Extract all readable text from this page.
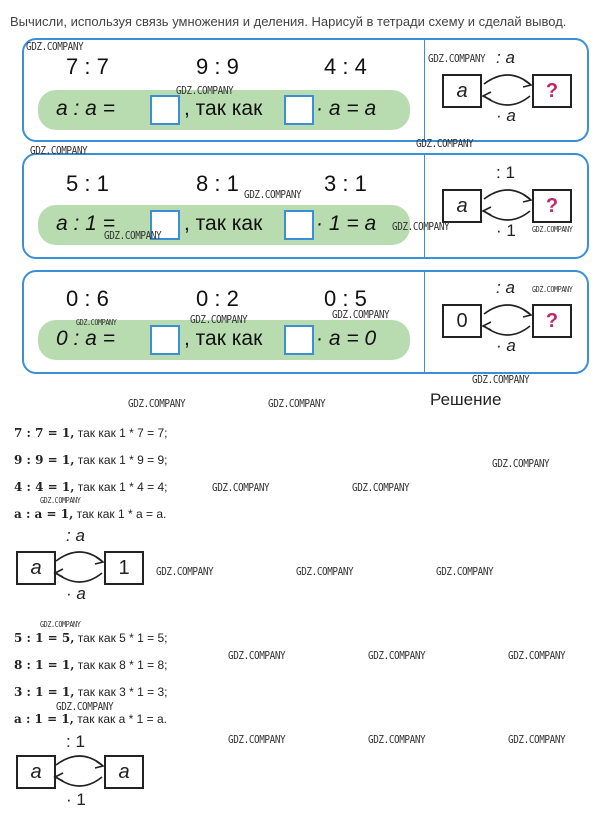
Вычисли, используя связь умножения и деления. Нарисуй в тетради схему и сделай вывод.
7 : 7	9 : 9	4 : 4
a : a =	, так как	· a = a
a	?
: a
· a
5 : 1	8 : 1	3 : 1
a : 1 =	, так как	· 1 = a
a	?
: 1
· 1
0 : 6	0 : 2	0 : 5
0 : a =	, так как	· a = 0
0	?
: a
· a
Решение
7 : 7 = 1, так как 1 * 7 = 7;
9 : 9 = 1, так как 1 * 9 = 9;
4 : 4 = 1, так как 1 * 4 = 4;
a : a = 1, так как 1 * a = a.
a	1
: a
· a
5 : 1 = 5, так как 5 * 1 = 5;
8 : 1 = 1, так как 8 * 1 = 8;
3 : 1 = 1, так как 3 * 1 = 3;
a : 1 = 1, так как a * 1 = a.
a	a
: 1
· 1
GDZ.COMPANY
GDZ.COMPANY
GDZ.COMPANY
GDZ.COMPANY
GDZ.COMPANY
GDZ.COMPANY
GDZ.COMPANY
GDZ.COMPANY	GDZ.COMPANY
GDZ.COMPANY
GDZ.COMPANY
GDZ.COMPANY
GDZ.COMPANY
GDZ.COMPANY
GDZ.COMPANY	GDZ.COMPANY
GDZ.COMPANY
GDZ.COMPANY	GDZ.COMPANY
GDZ.COMPANY
GDZ.COMPANY	GDZ.COMPANY	GDZ.COMPANY
GDZ.COMPANY
GDZ.COMPANY	GDZ.COMPANY	GDZ.COMPANY
GDZ.COMPANY
GDZ.COMPANY	GDZ.COMPANY	GDZ.COMPANY
